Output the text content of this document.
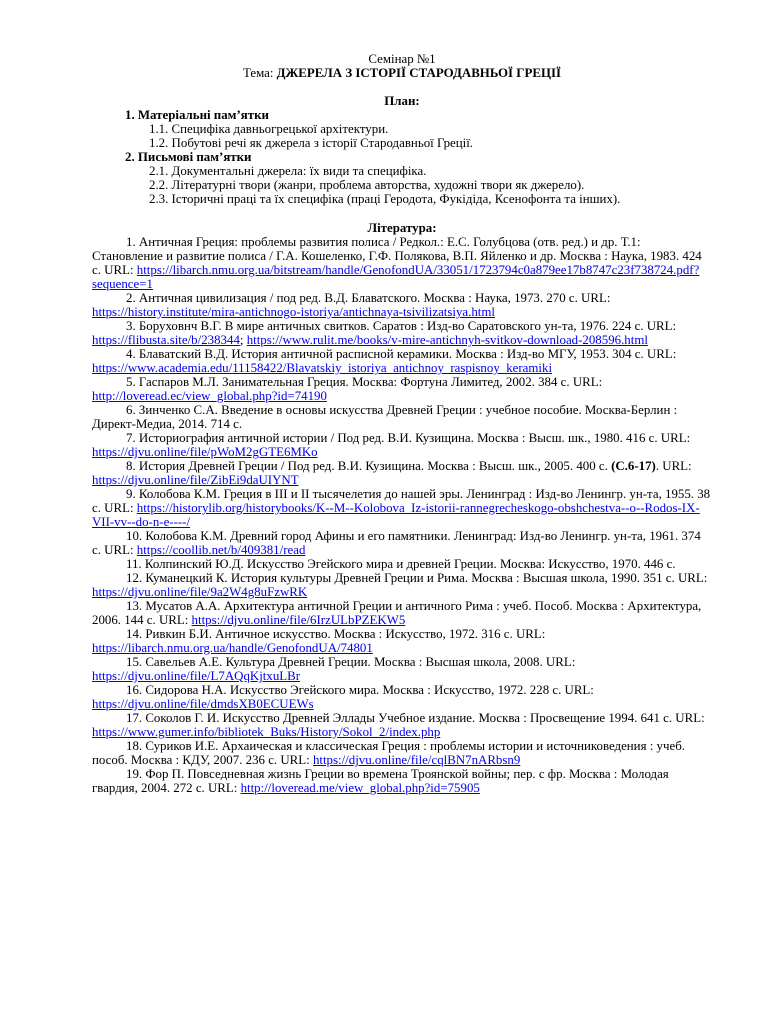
Семінар №1
Тема: ДЖЕРЕЛА З ІСТОРІЇ СТАРОДАВНЬОЇ ГРЕЦІЇ
План:
1. Матеріальні пам’ятки
1.1. Специфіка давньогрецької архітектури.
1.2. Побутові речі як джерела з історії Стародавньої Греції.
2. Письмові пам’ятки
2.1. Документальні джерела: їх види та специфіка.
2.2. Літературні твори (жанри, проблема авторства, художні твори як джерело).
2.3. Історичні праці та їх специфіка (праці Геродота, Фукідіда, Ксенофонта та інших).
Література:

1. Античная Греция: проблемы развития полиса / Редкол.: Е.С. Голубцова (отв. ред.) и др. Т.1: Становление и развитие полиса / Г.А. Кошеленко, Г.Ф. Полякова, В.П. Яйленко и др. Москва : Наука, 1983. 424 с. URL: https://libarch.nmu.org.ua/bitstream/handle/GenofondUA/33051/1723794c0a879ee17b8747c23f738724.pdf?sequence=1

2. Античная цивилизация / под ред. В.Д. Блаватского. Москва : Наука, 1973. 270 с. URL: https://history.institute/mira-antichnogo-istoriya/antichnaya-tsivilizatsiya.html

3. Боруховнч В.Г. В мире античных свитков. Саратов : Изд-во Саратовского ун-та, 1976. 224 с. URL: https://flibusta.site/b/238344; https://www.rulit.me/books/v-mire-antichnyh-svitkov-download-208596.html

4. Блаватский В.Д. История античной расписной керамики. Москва : Изд-во МГУ, 1953. 304 с. URL: https://www.academia.edu/11158422/Blavatskiy_istoriya_antichnoy_raspisnoy_keramiki

5. Гаспаров М.Л. Занимательная Греция. Москва: Фортуна Лимитед, 2002. 384 с. URL: http://loveread.ec/view_global.php?id=74190

6. Зинченко С.А. Введение в основы искусства Древней Греции : учебное пособие. Москва-Берлин : Директ-Медиа, 2014. 714 с.

7. Историография античной истории / Под ред. В.И. Кузищина. Москва : Высш. шк., 1980. 416 с. URL: https://djvu.online/file/pWoM2gGTE6MKo

8. История Древней Греции / Под ред. В.И. Кузищина. Москва : Высш. шк., 2005. 400 с. (С.6-17). URL: https://djvu.online/file/ZibEi9daUIYNT

9. Колобова К.М. Греция в III и II тысячелетия до нашей эры. Ленинград : Изд-во Ленингр. ун-та, 1955. 38 с. URL: https://historylib.org/historybooks/K--M--Kolobova_Iz-istorii-rannegrecheskogo-obshchestva--o--Rodos-IX-VII-vv--do-n-e----/

10. Колобова К.М. Древний город Афины и его памятники. Ленинград: Изд-во Ленингр. ун-та, 1961. 374 с. URL: https://coollib.net/b/409381/read

11. Колпинский Ю.Д. Искусство Эгейского мира и древней Греции. Москва: Искусство, 1970. 446 с.

12. Куманецкий К. История культуры Древней Греции и Рима. Москва : Высшая школа, 1990. 351 с. URL: https://djvu.online/file/9a2W4g8uFzwRK

13. Мусатов А.А. Архитектура античной Греции и античного Рима : учеб. Пособ. Москва : Архитектура, 2006. 144 с. URL: https://djvu.online/file/6IrzULbPZEKW5

14. Ривкин Б.И. Античное искусство. Москва : Искусство, 1972. 316 с. URL: https://libarch.nmu.org.ua/handle/GenofondUA/74801

15. Савельев А.Е. Культура Древней Греции. Москва : Высшая школа, 2008. URL: https://djvu.online/file/L7AQqKjtxuLBr

16. Сидорова Н.А. Искусство Эгейского мира. Москва : Искусство, 1972. 228 с. URL: https://djvu.online/file/dmdsXB0ECUEWs

17. Соколов Г. И. Искусство Древней Эллады Учебное издание. Москва : Просвещение 1994. 641 с. URL: https://www.gumer.info/bibliotek_Buks/History/Sokol_2/index.php

18. Суриков И.Е. Архаическая и классическая Греция : проблемы истории и источниковедения : учеб. пособ. Москва : КДУ, 2007. 236 с. URL: https://djvu.online/file/cqlBN7nARbsn9

19. Фор П. Повседневная жизнь Греции во времена Троянской войны; пер. с фр. Москва : Молодая гвардия, 2004. 272 с. URL: http://loveread.me/view_global.php?id=75905
